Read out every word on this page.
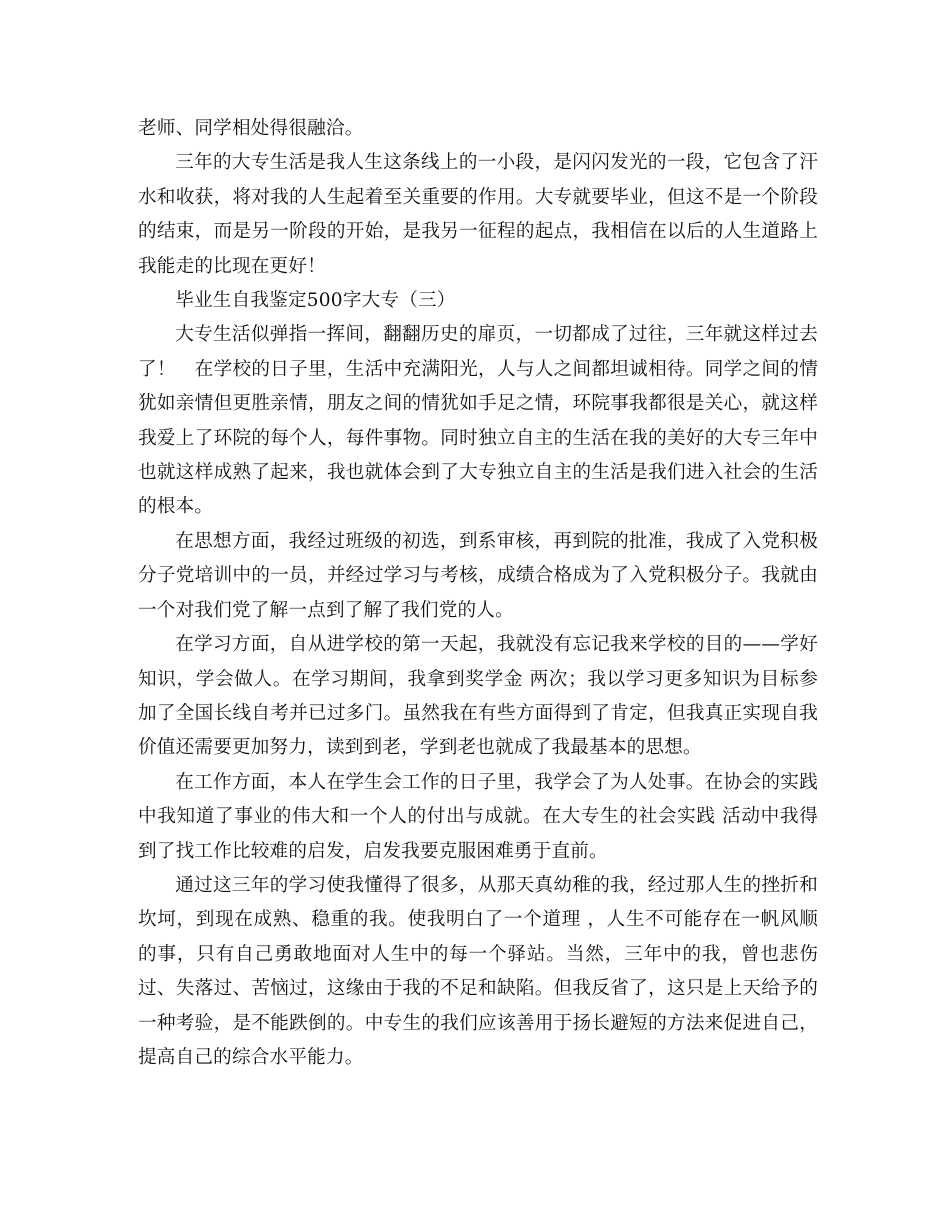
老师、同学相处得很融洽。

三年的大专生活是我人生这条线上的一小段，是闪闪发光的一段，它包含了汗水和收获，将对我的人生起着至关重要的作用。大专就要毕业，但这不是一个阶段的结束，而是另一阶段的开始，是我另一征程的起点，我相信在以后的人生道路上我能走的比现在更好！

毕业生自我鉴定500字大专（三）

大专生活似弹指一挥间，翻翻历史的扉页，一切都成了过往，三年就这样过去了！　在学校的日子里，生活中充满阳光，人与人之间都坦诚相待。同学之间的情犹如亲情但更胜亲情，朋友之间的情犹如手足之情，环院事我都很是关心，就这样我爱上了环院的每个人，每件事物。同时独立自主的生活在我的美好的大专三年中也就这样成熟了起来，我也就体会到了大专独立自主的生活是我们进入社会的生活的根本。

在思想方面，我经过班级的初选，到系审核，再到院的批准，我成了入党积极分子党培训中的一员，并经过学习与考核，成绩合格成为了入党积极分子。我就由一个对我们党了解一点到了解了我们党的人。

在学习方面，自从进学校的第一天起，我就没有忘记我来学校的目的——学好知识，学会做人。在学习期间，我拿到奖学金 两次；我以学习更多知识为目标参加了全国长线自考并已过多门。虽然我在有些方面得到了肯定，但我真正实现自我价值还需要更加努力，读到到老，学到老也就成了我最基本的思想。

在工作方面，本人在学生会工作的日子里，我学会了为人处事。在协会的实践中我知道了事业的伟大和一个人的付出与成就。在大专生的社会实践 活动中我得到了找工作比较难的启发，启发我要克服困难勇于直前。

通过这三年的学习使我懂得了很多，从那天真幼稚的我，经过那人生的挫折和坎坷，到现在成熟、稳重的我。使我明白了一个道理 ，人生不可能存在一帆风顺的事，只有自己勇敢地面对人生中的每一个驿站。当然，三年中的我，曾也悲伤过、失落过、苦恼过，这缘由于我的不足和缺陷。但我反省了，这只是上天给予的一种考验，是不能跌倒的。中专生的我们应该善用于扬长避短的方法来促进自己，提高自己的综合水平能力。
